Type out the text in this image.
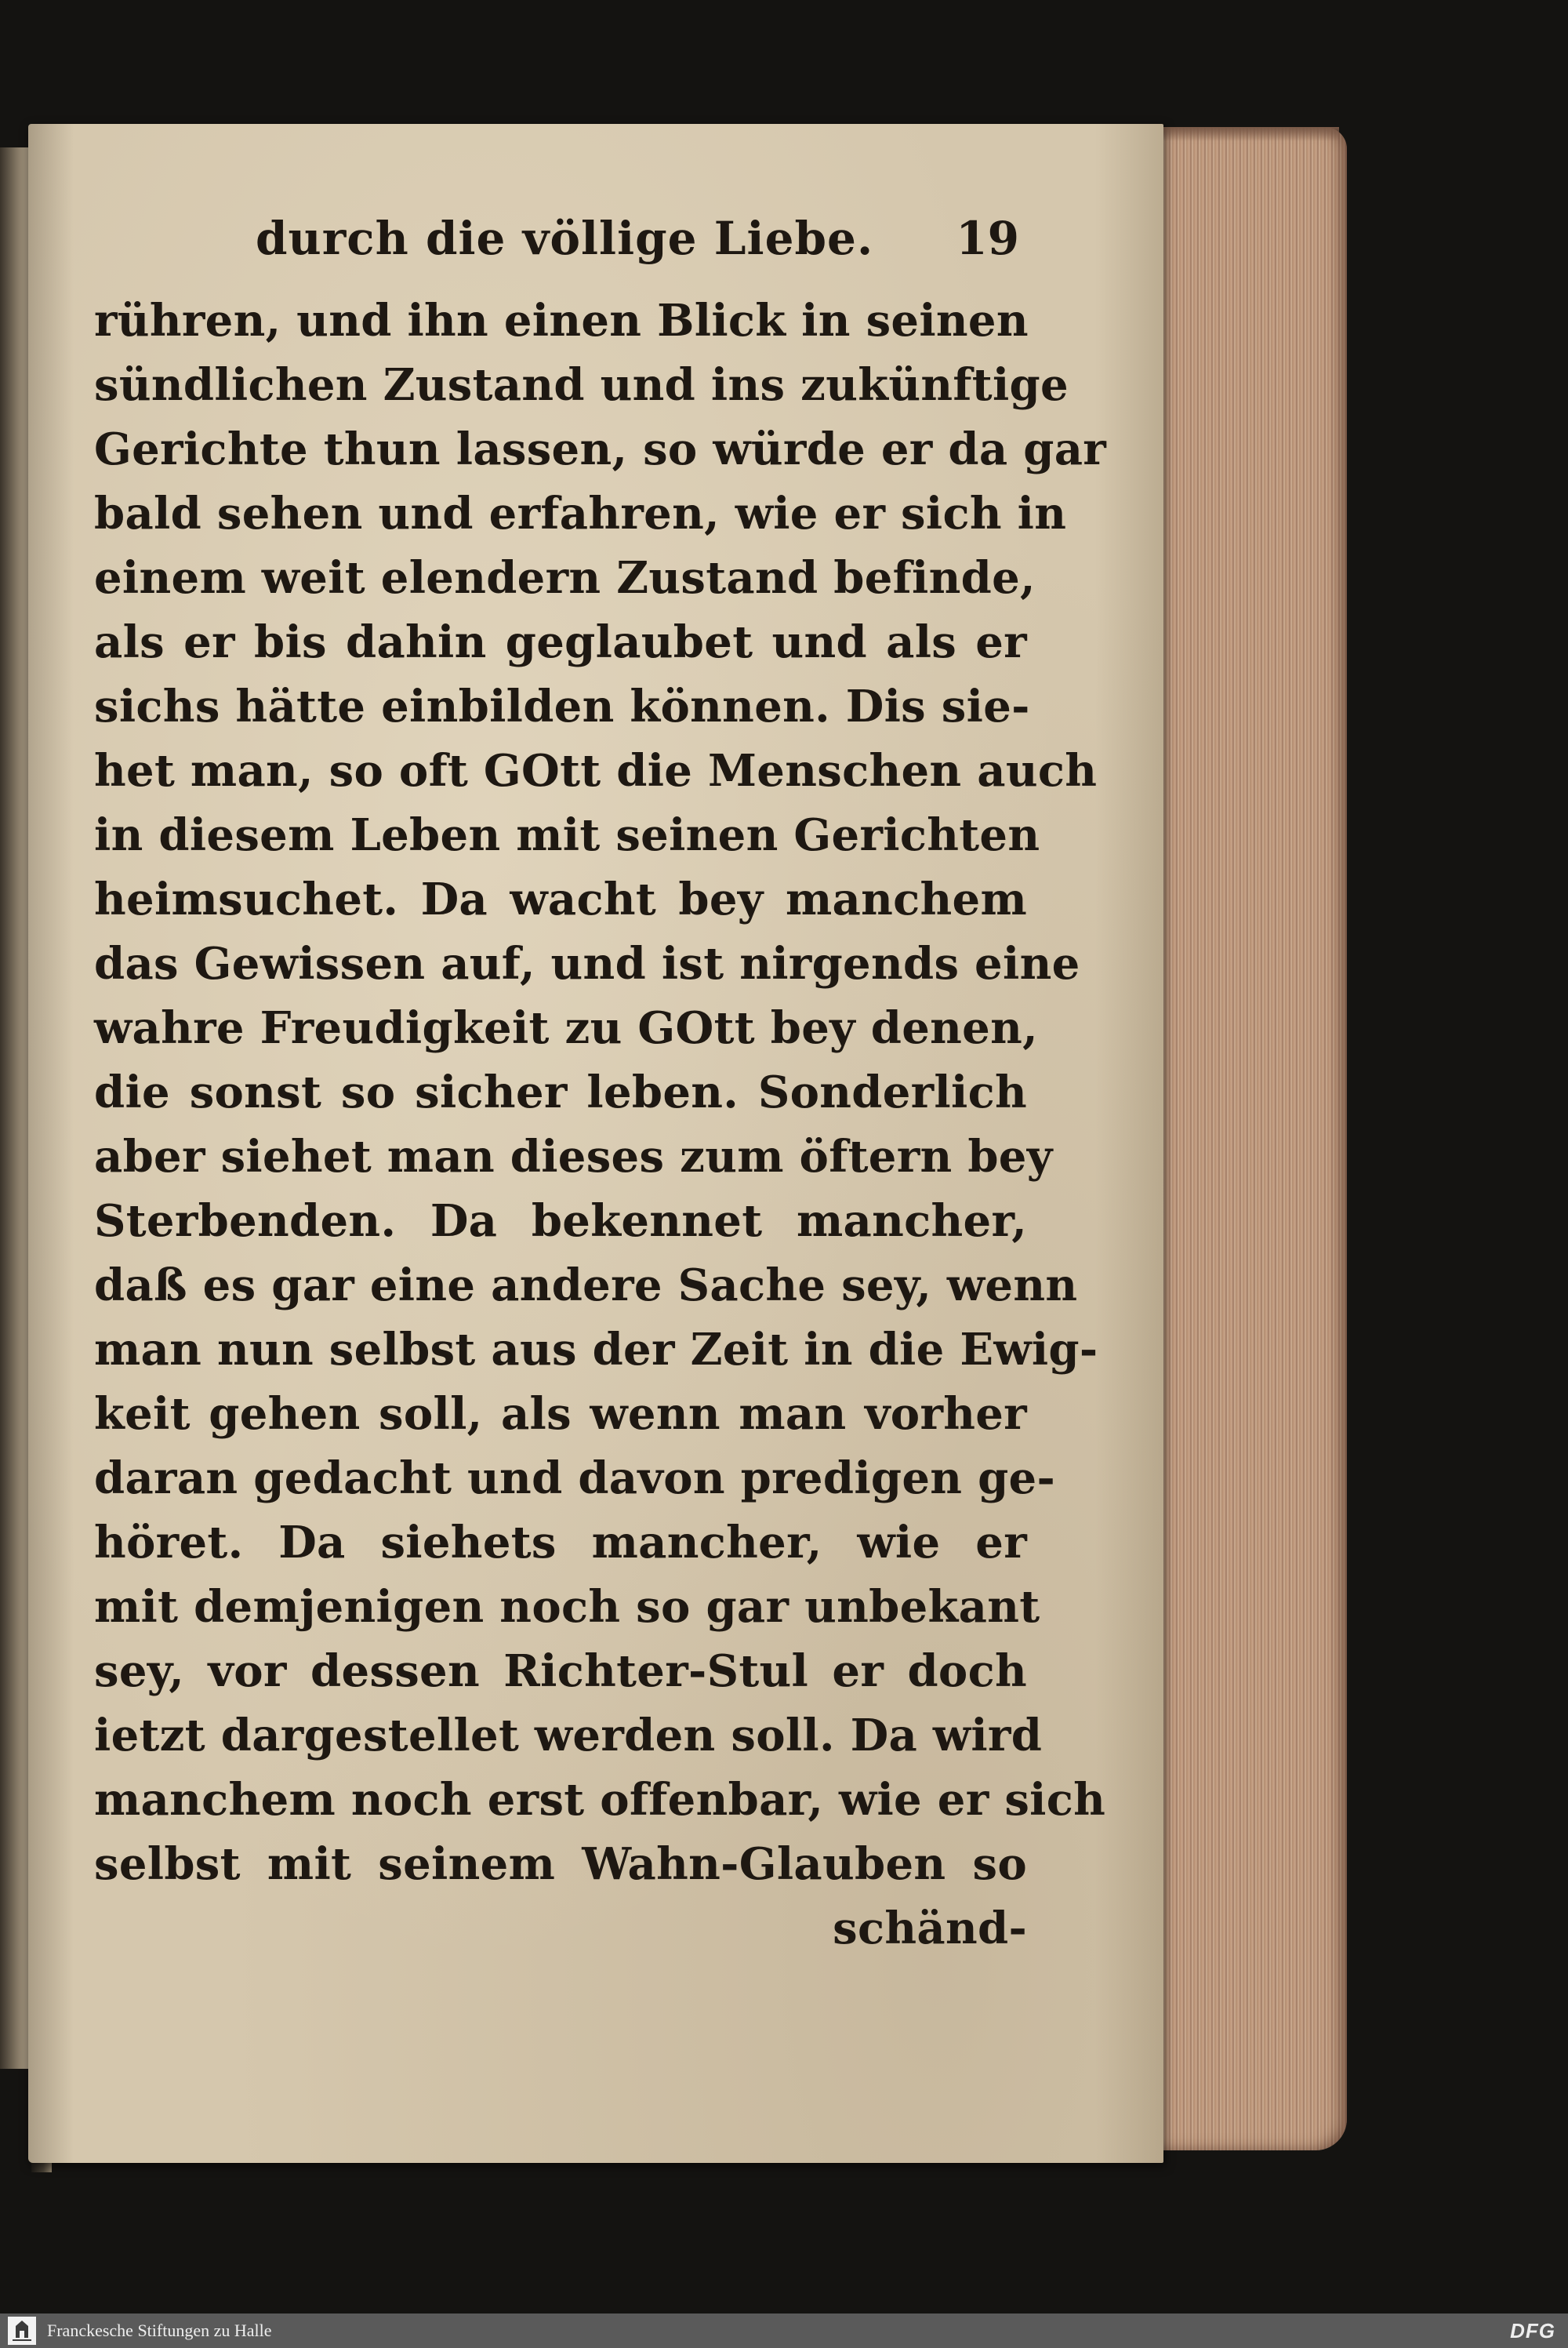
durch die völlige Liebe. 19
rühren, und ihn einen Blick in seinen
sündlichen Zustand und ins zukünftige
Gerichte thun lassen, so würde er da gar
bald sehen und erfahren, wie er sich in
einem weit elendern Zustand befinde,
als er bis dahin geglaubet und als er
sichs hätte einbilden können. Dis sie-
het man, so oft GOtt die Menschen auch
in diesem Leben mit seinen Gerichten
heimsuchet. Da wacht bey manchem
das Gewissen auf, und ist nirgends eine
wahre Freudigkeit zu GOtt bey denen,
die sonst so sicher leben. Sonderlich
aber siehet man dieses zum öftern bey
Sterbenden. Da bekennet mancher,
daß es gar eine andere Sache sey, wenn
man nun selbst aus der Zeit in die Ewig-
keit gehen soll, als wenn man vorher
daran gedacht und davon predigen ge-
höret. Da siehets mancher, wie er
mit demjenigen noch so gar unbekant
sey, vor dessen Richter-Stul er doch
ietzt dargestellet werden soll. Da wird
manchem noch erst offenbar, wie er sich
selbst mit seinem Wahn-Glauben so
schänd-
Franckesche Stiftungen zu Halle	DFG
